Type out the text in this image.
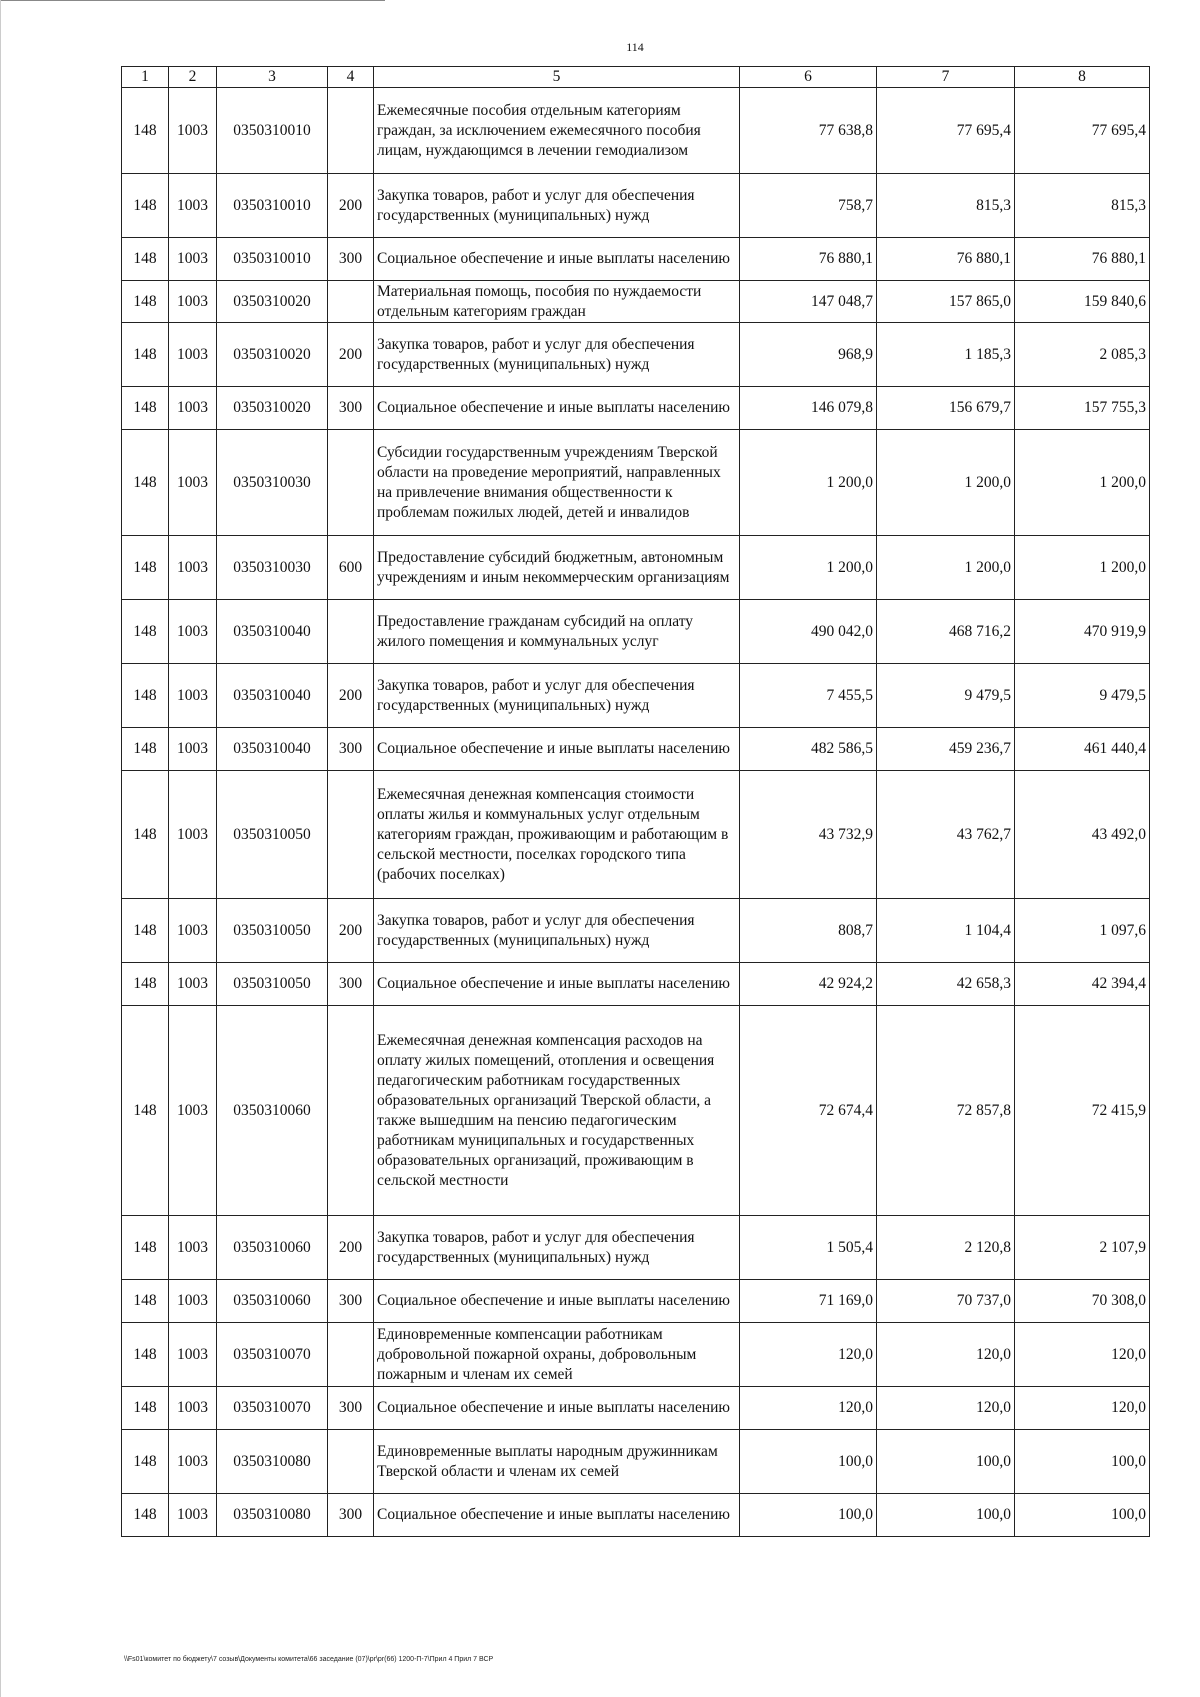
114
1	2	3	4	5	6	7	8
148	1003	0350310010		Ежемесячные пособия отдельным категориям граждан, за исключением ежемесячного пособия лицам, нуждающимся в лечении гемодиализом	77 638,8	77 695,4	77 695,4
148	1003	0350310010	200	Закупка товаров, работ и услуг для обеспечения государственных (муниципальных) нужд	758,7	815,3	815,3
148	1003	0350310010	300	Социальное обеспечение и иные выплаты населению	76 880,1	76 880,1	76 880,1
148	1003	0350310020		Материальная помощь, пособия по нуждаемости отдельным категориям граждан	147 048,7	157 865,0	159 840,6
148	1003	0350310020	200	Закупка товаров, работ и услуг для обеспечения государственных (муниципальных) нужд	968,9	1 185,3	2 085,3
148	1003	0350310020	300	Социальное обеспечение и иные выплаты населению	146 079,8	156 679,7	157 755,3
148	1003	0350310030		Субсидии государственным учреждениям Тверской области на проведение мероприятий, направленных на привлечение внимания общественности к проблемам пожилых людей, детей и инвалидов	1 200,0	1 200,0	1 200,0
148	1003	0350310030	600	Предоставление субсидий бюджетным, автономным учреждениям и иным некоммерческим организациям	1 200,0	1 200,0	1 200,0
148	1003	0350310040		Предоставление гражданам субсидий на оплату жилого помещения и коммунальных услуг	490 042,0	468 716,2	470 919,9
148	1003	0350310040	200	Закупка товаров, работ и услуг для обеспечения государственных (муниципальных) нужд	7 455,5	9 479,5	9 479,5
148	1003	0350310040	300	Социальное обеспечение и иные выплаты населению	482 586,5	459 236,7	461 440,4
148	1003	0350310050		Ежемесячная денежная компенсация стоимости оплаты жилья и коммунальных услуг отдельным категориям граждан, проживающим и работающим в сельской местности, поселках городского типа (рабочих поселках)	43 732,9	43 762,7	43 492,0
148	1003	0350310050	200	Закупка товаров, работ и услуг для обеспечения государственных (муниципальных) нужд	808,7	1 104,4	1 097,6
148	1003	0350310050	300	Социальное обеспечение и иные выплаты населению	42 924,2	42 658,3	42 394,4
148	1003	0350310060		Ежемесячная денежная компенсация расходов на оплату жилых помещений, отопления и освещения педагогическим работникам государственных образовательных организаций Тверской области, а также вышедшим на пенсию педагогическим работникам муниципальных и государственных образовательных организаций, проживающим в сельской местности	72 674,4	72 857,8	72 415,9
148	1003	0350310060	200	Закупка товаров, работ и услуг для обеспечения государственных (муниципальных) нужд	1 505,4	2 120,8	2 107,9
148	1003	0350310060	300	Социальное обеспечение и иные выплаты населению	71 169,0	70 737,0	70 308,0
148	1003	0350310070		Единовременные компенсации работникам добровольной пожарной охраны, добровольным пожарным и членам их семей	120,0	120,0	120,0
148	1003	0350310070	300	Социальное обеспечение и иные выплаты населению	120,0	120,0	120,0
148	1003	0350310080		Единовременные выплаты народным дружинникам Тверской области и членам их семей	100,0	100,0	100,0
148	1003	0350310080	300	Социальное обеспечение и иные выплаты населению	100,0	100,0	100,0
\\Fs01\комитет по бюджету\7 созыв\Документы комитета\66 заседание (07)\pr\pr(66) 1200-П-7\Прил 4 Прил 7 ВСР
